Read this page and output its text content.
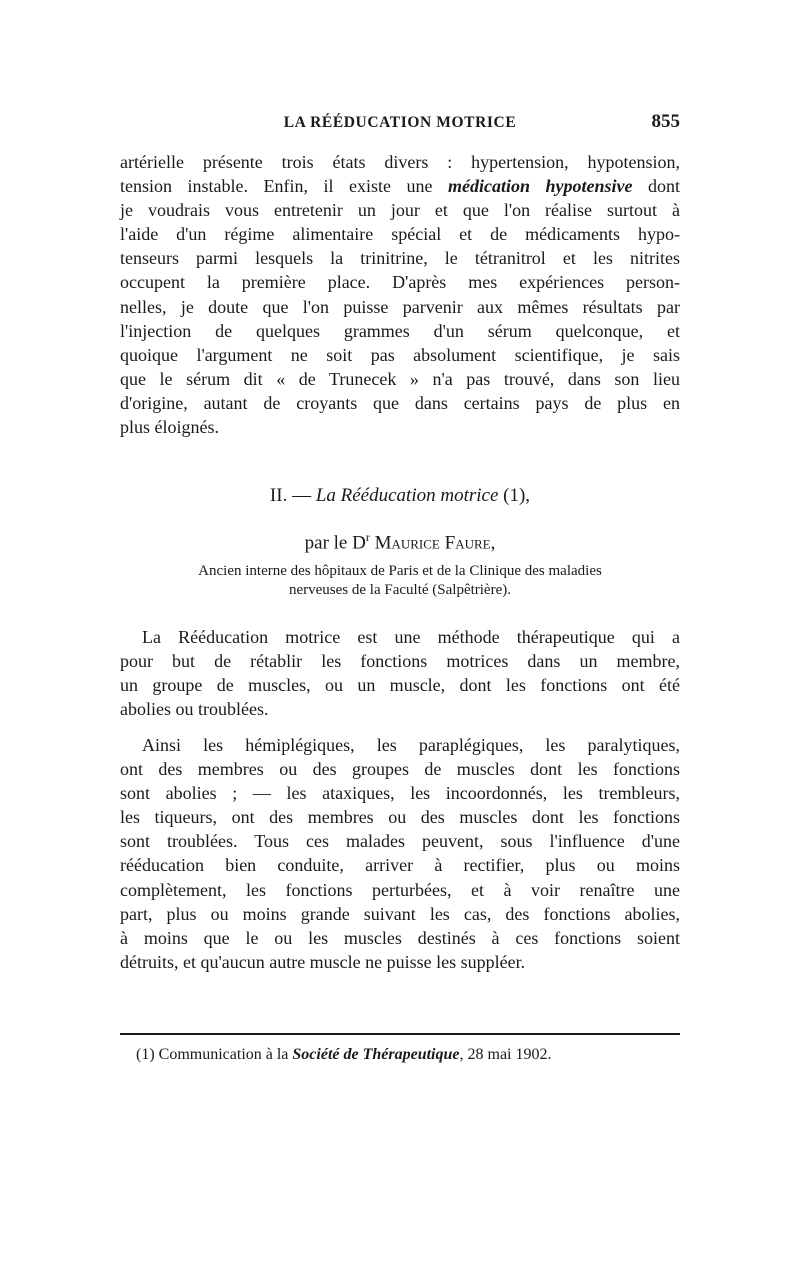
LA RÉÉDUCATION MOTRICE	855
artérielle présente trois états divers : hypertension, hypotension,
tension instable. Enfin, il existe une médication hypotensive dont
je voudrais vous entretenir un jour et que l'on réalise surtout à
l'aide d'un régime alimentaire spécial et de médicaments hypo-
tenseurs parmi lesquels la trinitrine, le tétranitrol et les nitrites
occupent la première place. D'après mes expériences person-
nelles, je doute que l'on puisse parvenir aux mêmes résultats par
l'injection de quelques grammes d'un sérum quelconque, et
quoique l'argument ne soit pas absolument scientifique, je sais
que le sérum dit « de Trunecek » n'a pas trouvé, dans son lieu
d'origine, autant de croyants que dans certains pays de plus en
plus éloignés.
II. — La Rééducation motrice (1),
par le $D^r$ Maurice Faure,
Ancien interne des hôpitaux de Paris et de la Clinique des maladies
nerveuses de la Faculté (Salpêtrière).
La Rééducation motrice est une méthode thérapeutique qui a
pour but de rétablir les fonctions motrices dans un membre,
un groupe de muscles, ou un muscle, dont les fonctions ont été
abolies ou troublées.
Ainsi les hémiplégiques, les paraplégiques, les paralytiques,
ont des membres ou des groupes de muscles dont les fonctions
sont abolies ; — les ataxiques, les incoordonnés, les trembleurs,
les tiqueurs, ont des membres ou des muscles dont les fonctions
sont troublées. Tous ces malades peuvent, sous l'influence d'une
rééducation bien conduite, arriver à rectifier, plus ou moins
complètement, les fonctions perturbées, et à voir renaître une
part, plus ou moins grande suivant les cas, des fonctions abolies,
à moins que le ou les muscles destinés à ces fonctions soient
détruits, et qu'aucun autre muscle ne puisse les suppléer.
(1) Communication à la Société de Thérapeutique, 28 mai 1902.
